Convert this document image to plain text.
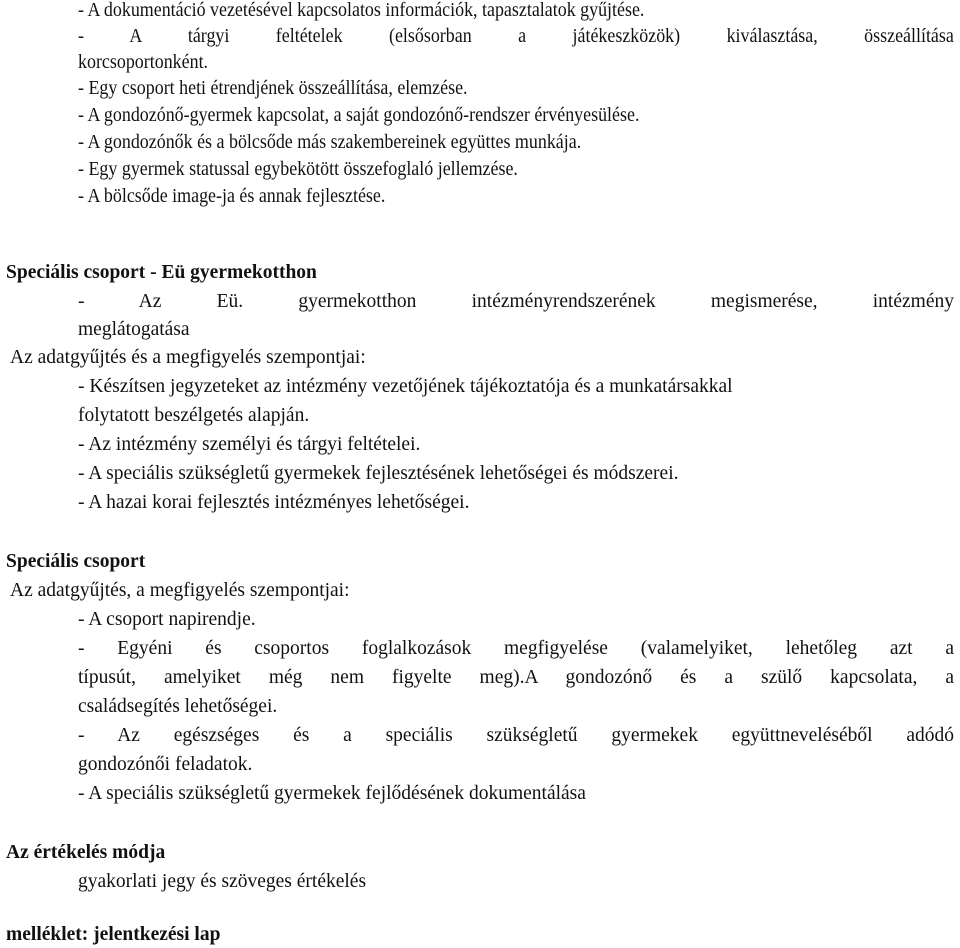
- A dokumentáció vezetésével kapcsolatos információk, tapasztalatok gyűjtése.
- A tárgyi feltételek (elsősorban a játékeszközök) kiválasztása, összeállítása
korcsoportonként.
- Egy csoport heti étrendjének összeállítása, elemzése.
- A gondozónő-gyermek kapcsolat, a saját gondozónő-rendszer érvényesülése.
- A gondozónők és a bölcsőde más szakembereinek együttes munkája.
- Egy gyermek statussal egybekötött összefoglaló jellemzése.
- A bölcsőde image-ja és annak fejlesztése.
Speciális csoport - Eü gyermekotthon
- Az Eü. gyermekotthon intézményrendszerének megismerése, intézmény
meglátogatása
Az adatgyűjtés és a megfigyelés szempontjai:
- Készítsen jegyzeteket az intézmény vezetőjének tájékoztatója és a munkatársakkal
folytatott beszélgetés alapján.
- Az intézmény személyi és tárgyi feltételei.
- A speciális szükségletű gyermekek fejlesztésének lehetőségei és módszerei.
- A hazai korai fejlesztés intézményes lehetőségei.
Speciális csoport
Az adatgyűjtés, a megfigyelés szempontjai:
- A csoport napirendje.
- Egyéni és csoportos foglalkozások megfigyelése (valamelyiket, lehetőleg azt a
típusút, amelyiket még nem figyelte meg).A gondozónő és a szülő kapcsolata, a
családsegítés lehetőségei.
- Az egészséges és a speciális szükségletű gyermekek együttneveléséből adódó
gondozónői feladatok.
- A speciális szükségletű gyermekek fejlődésének dokumentálása
Az értékelés módja
gyakorlati jegy és szöveges értékelés
melléklet: jelentkezési lap
